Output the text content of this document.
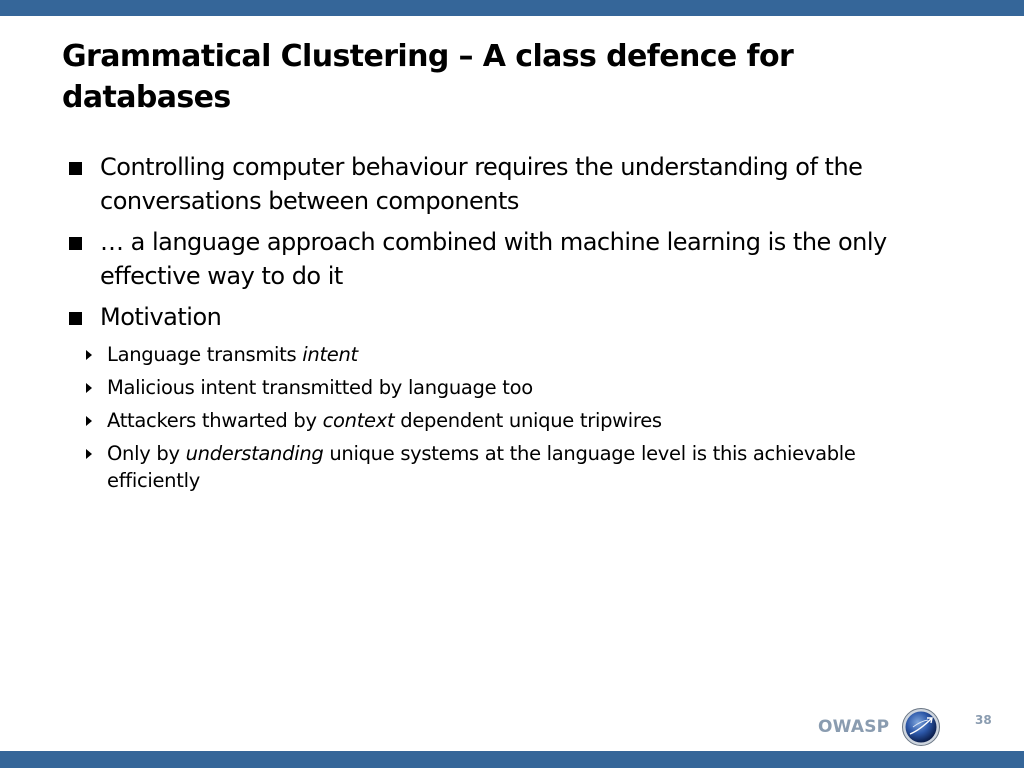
Grammatical Clustering – A class defence for databases
Controlling computer behaviour requires the understanding of the conversations between components
… a language approach combined with machine learning is the only effective way to do it
Motivation
Language transmits intent
Malicious intent transmitted by language too
Attackers thwarted by context dependent unique tripwires
Only by understanding unique systems at the language level is this achievable efficiently
OWASP	38
